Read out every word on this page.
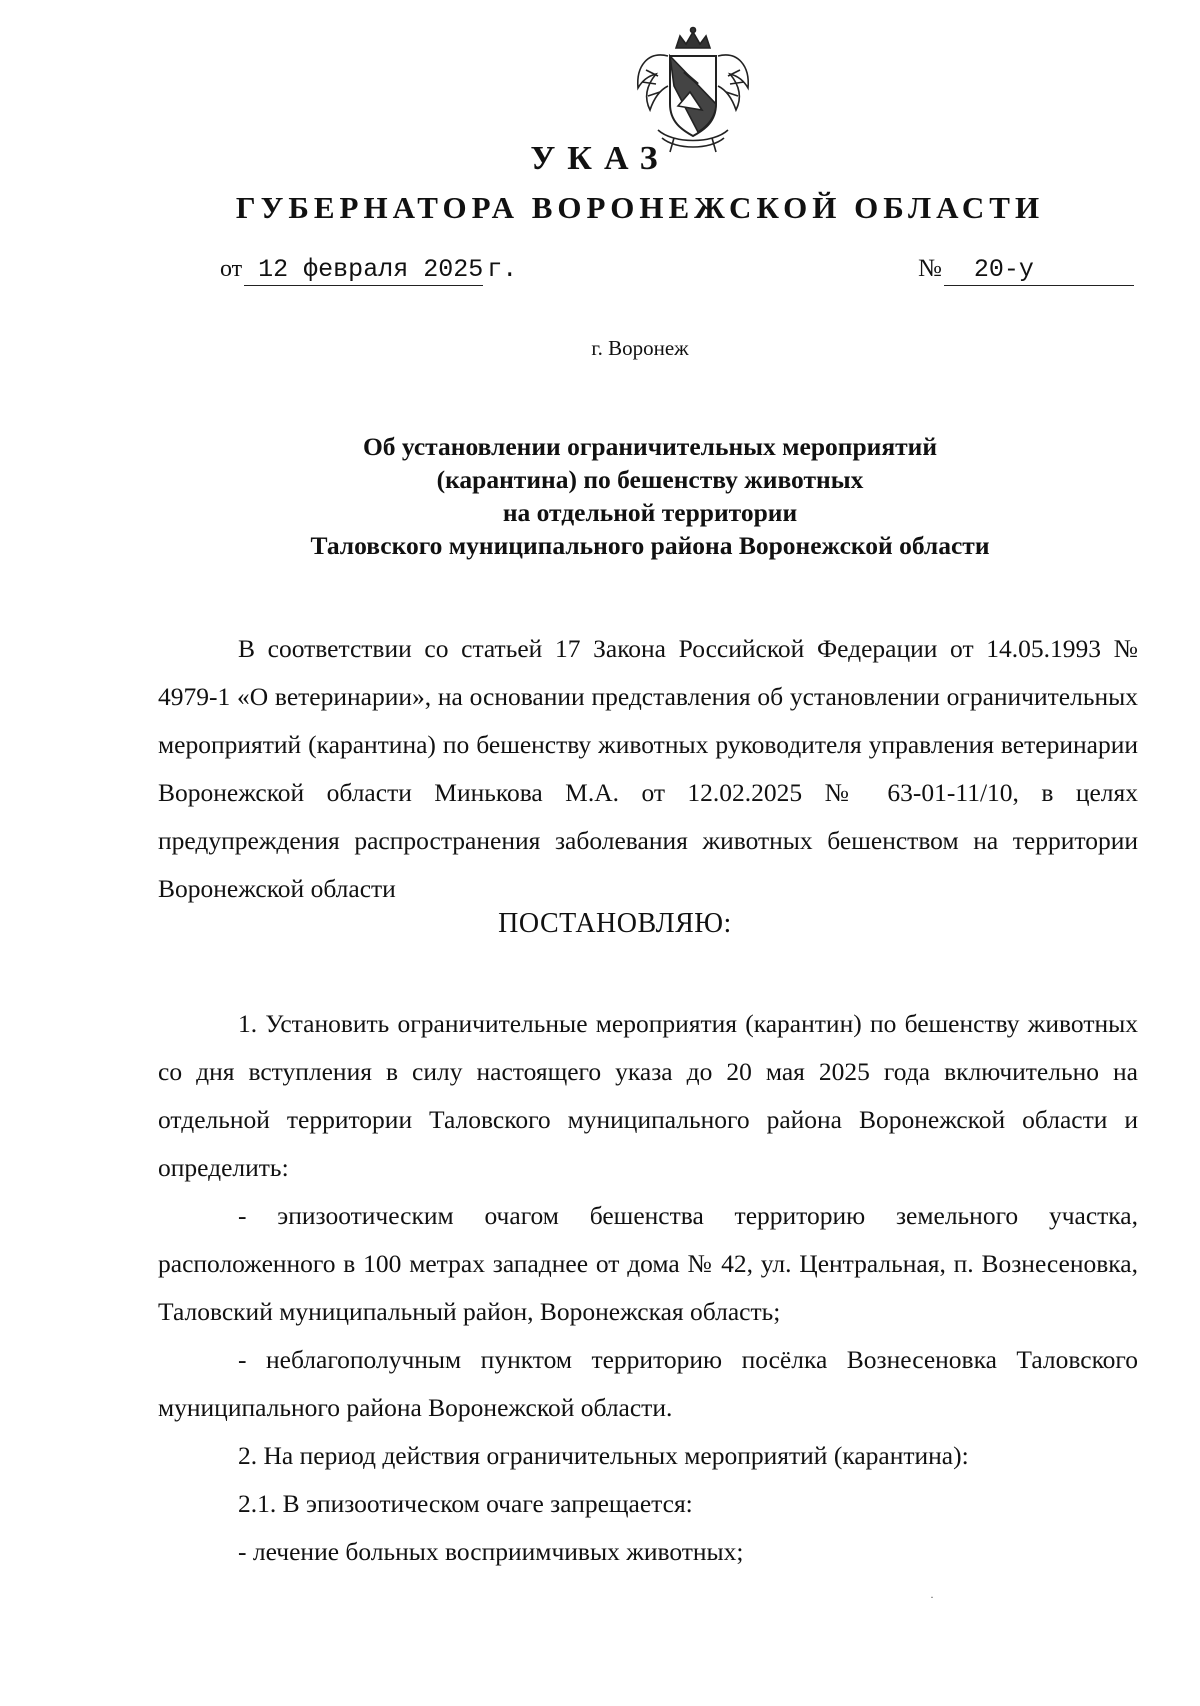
УКАЗ
ГУБЕРНАТОРА ВОРОНЕЖСКОЙ ОБЛАСТИ
от 12 февраля 2025 г.	№ 20-у
г. Воронеж
Об установлении ограничительных мероприятий
(карантина) по бешенству животных
на отдельной территории
Таловского муниципального района Воронежской области
В соответствии со статьей 17 Закона Российской Федерации от 14.05.1993 № 4979-1 «О ветеринарии», на основании представления об установлении ограничительных мероприятий (карантина) по бешенству животных руководителя управления ветеринарии Воронежской области Минькова М.А. от 12.02.2025 № 63-01-11/10, в целях предупреждения распространения заболевания животных бешенством на территории Воронежской области
ПОСТАНОВЛЯЮ:
1. Установить ограничительные мероприятия (карантин) по бешенству животных со дня вступления в силу настоящего указа до 20 мая 2025 года включительно на отдельной территории Таловского муниципального района Воронежской области и определить:
- эпизоотическим очагом бешенства территорию земельного участка, расположенного в 100 метрах западнее от дома № 42, ул. Центральная, п. Вознесеновка, Таловский муниципальный район, Воронежская область;
- неблагополучным пунктом территорию посёлка Вознесеновка Таловского муниципального района Воронежской области.
2. На период действия ограничительных мероприятий (карантина):
2.1. В эпизоотическом очаге запрещается:
- лечение больных восприимчивых животных;
·
